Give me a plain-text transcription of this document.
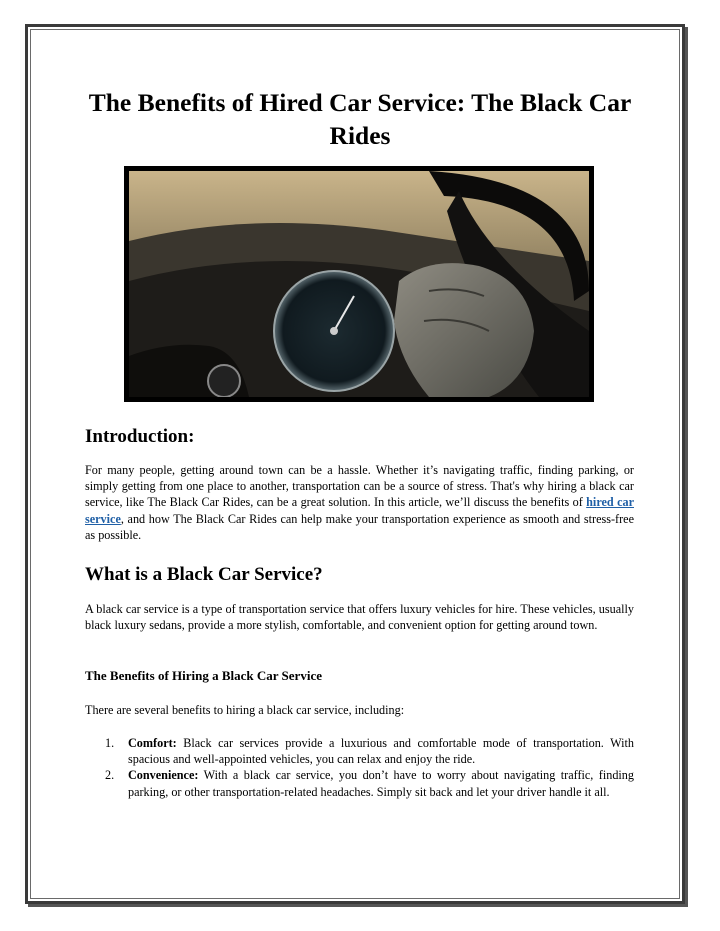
The Benefits of Hired Car Service: The Black Car Rides
Introduction:

For many people, getting around town can be a hassle. Whether it’s navigating traffic, finding parking, or simply getting from one place to another, transportation can be a source of stress. That's why hiring a black car service, like The Black Car Rides, can be a great solution. In this article, we’ll discuss the benefits of hired car service, and how The Black Car Rides can help make your transportation experience as smooth and stress-free as possible.

What is a Black Car Service?

A black car service is a type of transportation service that offers luxury vehicles for hire. These vehicles, usually black luxury sedans, provide a more stylish, comfortable, and convenient option for getting around town.

The Benefits of Hiring a Black Car Service

There are several benefits to hiring a black car service, including:

1. Comfort: Black car services provide a luxurious and comfortable mode of transportation. With spacious and well-appointed vehicles, you can relax and enjoy the ride.
2. Convenience: With a black car service, you don’t have to worry about navigating traffic, finding parking, or other transportation-related headaches. Simply sit back and let your driver handle it all.
